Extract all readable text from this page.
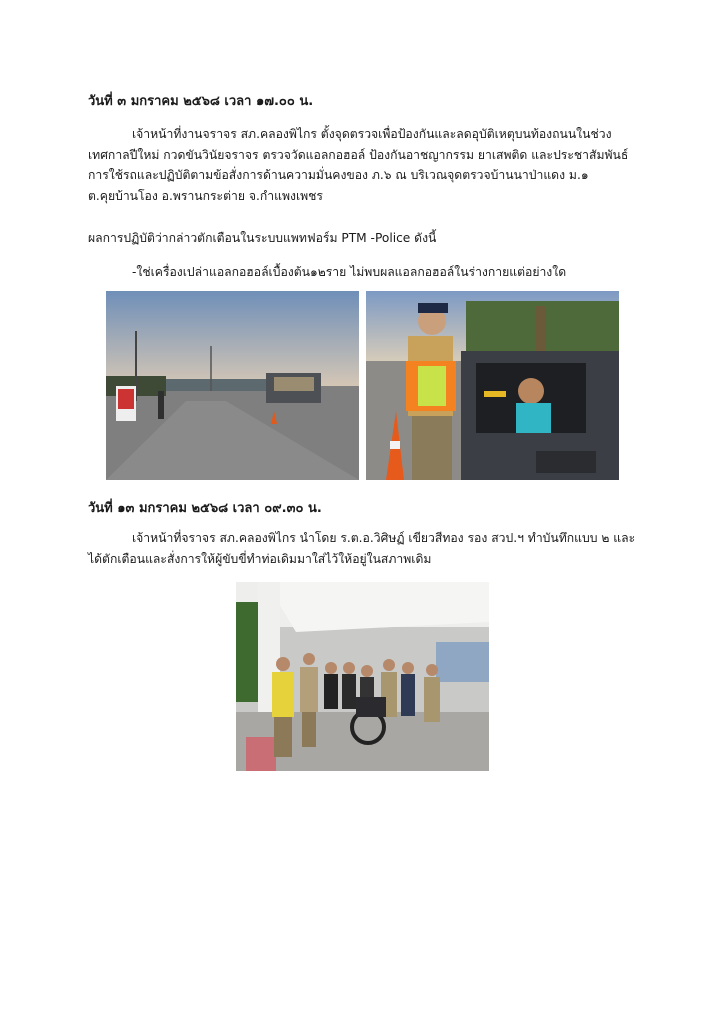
วันที่ ๓ มกราคม ๒๕๖๘ เวลา ๑๗.๐๐ น.
เจ้าหน้าที่งานจราจร สภ.คลองพิไกร ตั้งจุดตรวจเพื่อป้องกันและลดอุบัติเหตุบนท้องถนนในช่วง
เทศกาลปีใหม่ กวดขันวินัยจราจร ตรวจวัดแอลกอฮอล์ ป้องกันอาชญากรรม ยาเสพติด และประชาสัมพันธ์
การใช้รถและปฏิบัติตามข้อสั่งการด้านความมั่นคงของ ภ.๖ ณ บริเวณจุดตรวจบ้านนาป่าแดง ม.๑
ต.คุยบ้านโอง อ.พรานกระต่าย จ.กำแพงเพชร
ผลการปฏิบัติว่ากล่าวตักเตือนในระบบแพทฟอร์ม PTM -Police ดังนี้
-ใช่เครื่องเปล่าแอลกอฮอล์เบื้องต้น๑๒ราย ไม่พบผลแอลกอฮอล์ในร่างกายแต่อย่างใด
วันที่ ๑๓ มกราคม ๒๕๖๘ เวลา ๐๙.๓๐ น.
เจ้าหน้าที่จราจร สภ.คลองพิไกร นำโดย ร.ต.อ.วิศิษฏ์ เขียวสีทอง รอง สวป.ฯ ทำบันทึกแบบ ๒ และ
ได้ตักเตือนและสั่งการให้ผู้ขับขี่ทำท่อเดิมมาใส่ไว้ให้อยู่ในสภาพเดิม
